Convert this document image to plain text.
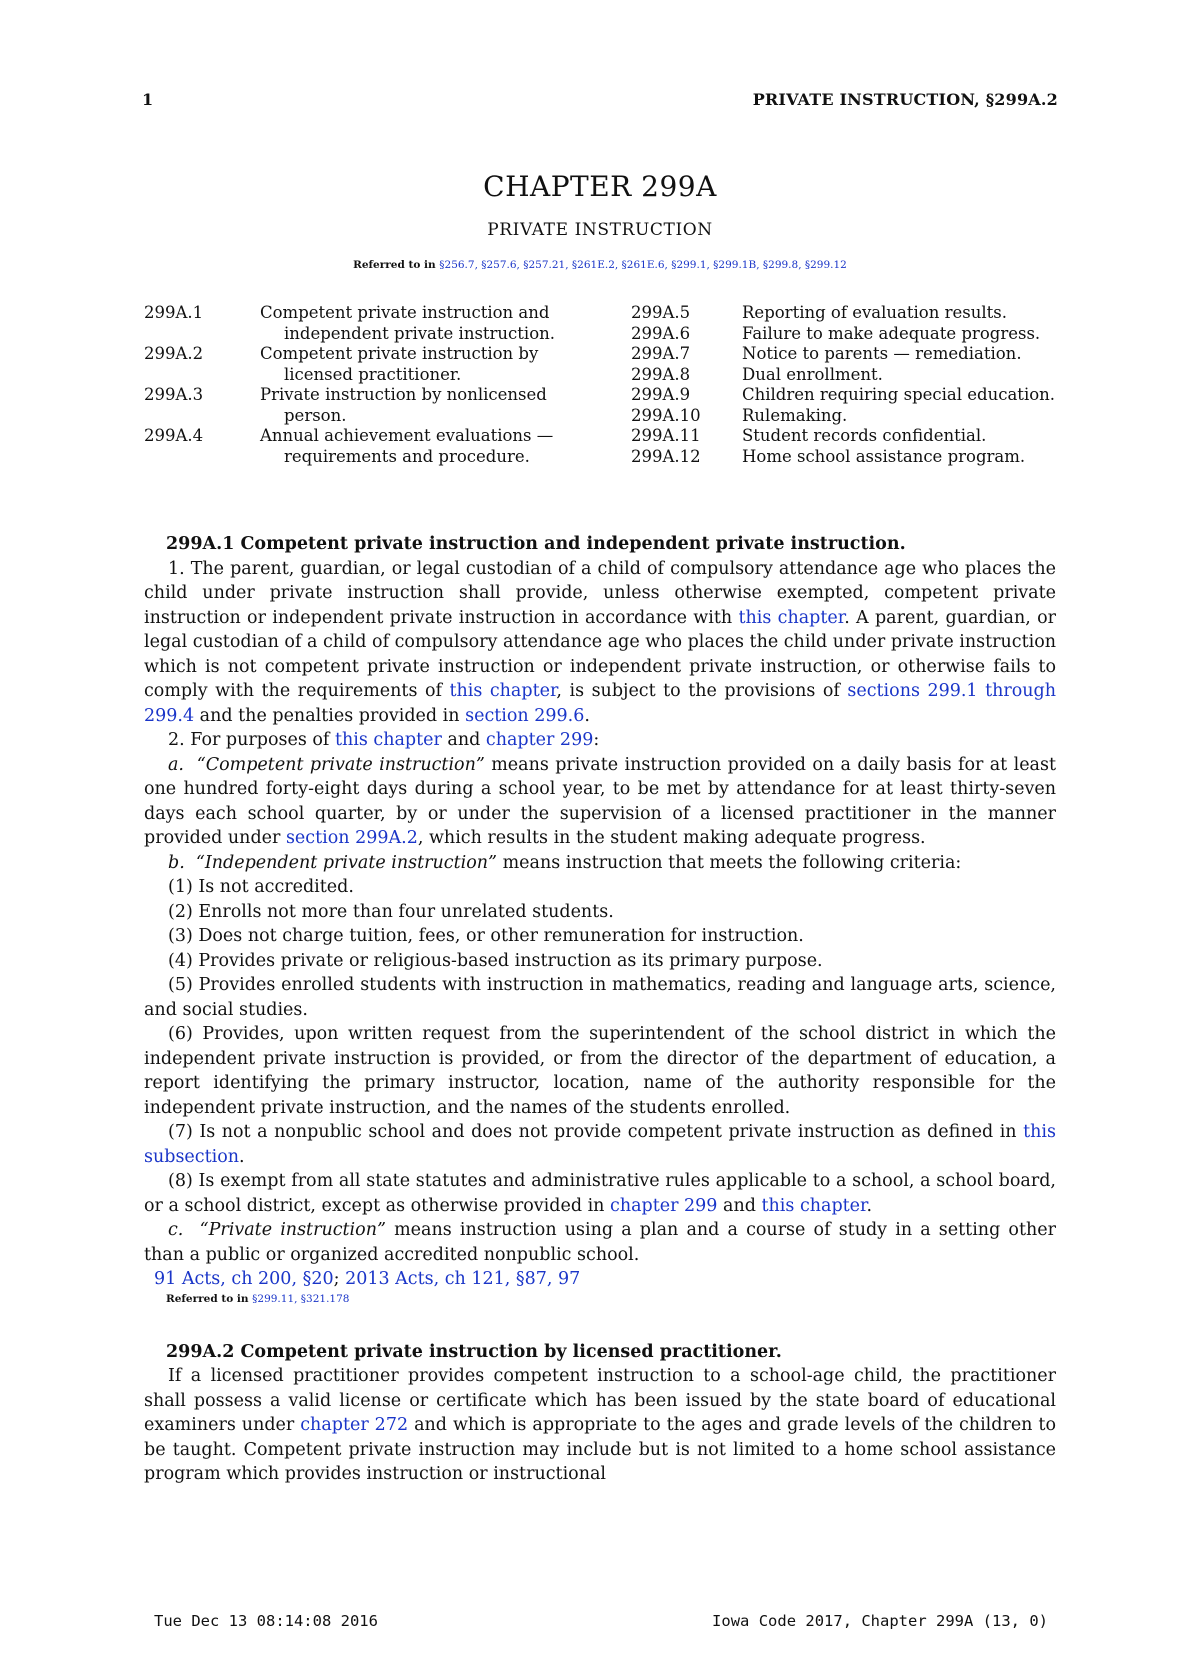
1	PRIVATE INSTRUCTION, §299A.2
CHAPTER 299A
PRIVATE INSTRUCTION
Referred to in §256.7, §257.6, §257.21, §261E.2, §261E.6, §299.1, §299.1B, §299.8, §299.12
299A.1	Competent private instruction and independent private instruction.
299A.2	Competent private instruction by licensed practitioner.
299A.3	Private instruction by nonlicensed person.
299A.4	Annual achievement evaluations — requirements and procedure.
299A.5	Reporting of evaluation results.
299A.6	Failure to make adequate progress.
299A.7	Notice to parents — remediation.
299A.8	Dual enrollment.
299A.9	Children requiring special education.
299A.10	Rulemaking.
299A.11	Student records confidential.
299A.12	Home school assistance program.

299A.1 Competent private instruction and independent private instruction.

1. The parent, guardian, or legal custodian of a child of compulsory attendance age who places the child under private instruction shall provide, unless otherwise exempted, competent private instruction or independent private instruction in accordance with this chapter. A parent, guardian, or legal custodian of a child of compulsory attendance age who places the child under private instruction which is not competent private instruction or independent private instruction, or otherwise fails to comply with the requirements of this chapter, is subject to the provisions of sections 299.1 through 299.4 and the penalties provided in section 299.6.

2. For purposes of this chapter and chapter 299:

a. “Competent private instruction” means private instruction provided on a daily basis for at least one hundred forty-eight days during a school year, to be met by attendance for at least thirty-seven days each school quarter, by or under the supervision of a licensed practitioner in the manner provided under section 299A.2, which results in the student making adequate progress.

b. “Independent private instruction” means instruction that meets the following criteria:

(1) Is not accredited.

(2) Enrolls not more than four unrelated students.

(3) Does not charge tuition, fees, or other remuneration for instruction.

(4) Provides private or religious-based instruction as its primary purpose.

(5) Provides enrolled students with instruction in mathematics, reading and language arts, science, and social studies.

(6) Provides, upon written request from the superintendent of the school district in which the independent private instruction is provided, or from the director of the department of education, a report identifying the primary instructor, location, name of the authority responsible for the independent private instruction, and the names of the students enrolled.

(7) Is not a nonpublic school and does not provide competent private instruction as defined in this subsection.

(8) Is exempt from all state statutes and administrative rules applicable to a school, a school board, or a school district, except as otherwise provided in chapter 299 and this chapter.

c. “Private instruction” means instruction using a plan and a course of study in a setting other than a public or organized accredited nonpublic school.

91 Acts, ch 200, §20; 2013 Acts, ch 121, §87, 97

Referred to in §299.11, §321.178

299A.2 Competent private instruction by licensed practitioner.

If a licensed practitioner provides competent instruction to a school-age child, the practitioner shall possess a valid license or certificate which has been issued by the state board of educational examiners under chapter 272 and which is appropriate to the ages and grade levels of the children to be taught. Competent private instruction may include but is not limited to a home school assistance program which provides instruction or instructional

Tue Dec 13 08:14:08 2016	Iowa Code 2017, Chapter 299A (13, 0)
